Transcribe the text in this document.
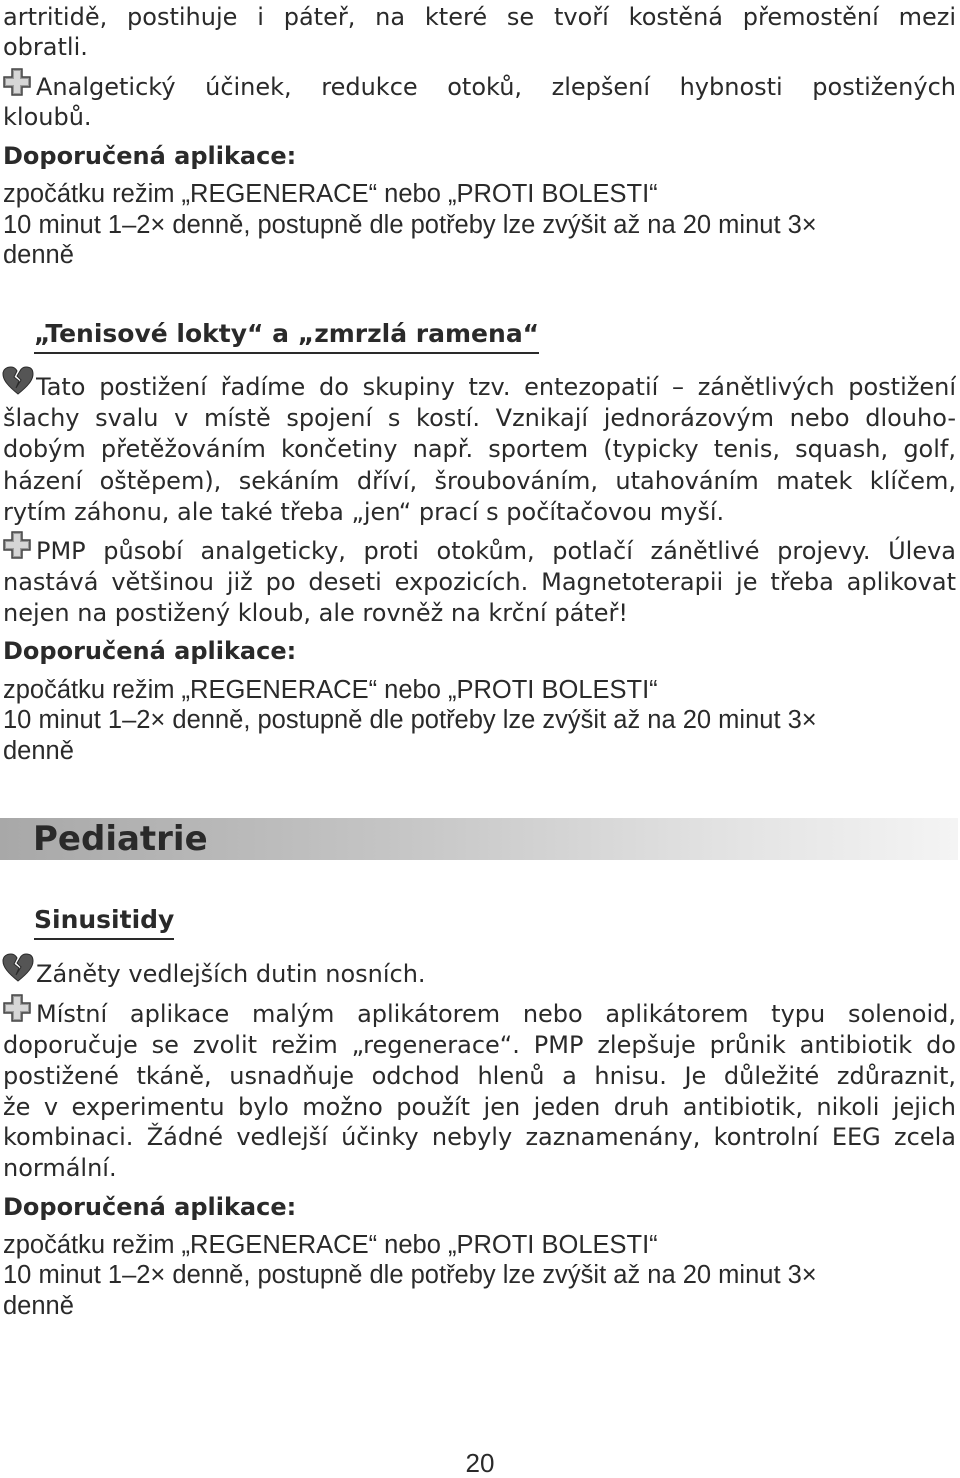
artritidě, postihuje i páteř, na které se tvoří kostěná přemostění mezi
obratli.
Analgetický účinek, redukce otoků, zlepšení hybnosti postižených
kloubů.
Doporučená aplikace:
zpočátku režim „REGENERACE“ nebo „PROTI BOLESTI“
10 minut 1–2× denně, postupně dle potřeby lze zvýšit až na 20 minut 3×
denně
„Tenisové lokty“ a „zmrzlá ramena“
Tato postižení řadíme do skupiny tzv. entezopatií – zánětlivých postižení
šlachy svalu v místě spojení s kostí. Vznikají jednorázovým nebo dlouho-
dobým přetěžováním končetiny např. sportem (typicky tenis, squash, golf,
házení oštěpem), sekáním dříví, šroubováním, utahováním matek klíčem,
rytím záhonu, ale také třeba „jen“ prací s počítačovou myší.
PMP působí analgeticky, proti otokům, potlačí zánětlivé projevy. Úleva
nastává většinou již po deseti expozicích. Magnetoterapii je třeba aplikovat
nejen na postižený kloub, ale rovněž na krční páteř!
Doporučená aplikace:
zpočátku režim „REGENERACE“ nebo „PROTI BOLESTI“
10 minut 1–2× denně, postupně dle potřeby lze zvýšit až na 20 minut 3×
denně
Pediatrie
Sinusitidy
Záněty vedlejších dutin nosních.
Místní aplikace malým aplikátorem nebo aplikátorem typu solenoid,
doporučuje se zvolit režim „regenerace“. PMP zlepšuje průnik antibiotik do
postižené tkáně, usnadňuje odchod hlenů a hnisu. Je důležité zdůraznit,
že v experimentu bylo možno použít jen jeden druh antibiotik, nikoli jejich
kombinaci. Žádné vedlejší účinky nebyly zaznamenány, kontrolní EEG zcela
normální.
Doporučená aplikace:
zpočátku režim „REGENERACE“ nebo „PROTI BOLESTI“
10 minut 1–2× denně, postupně dle potřeby lze zvýšit až na 20 minut 3×
denně
20
